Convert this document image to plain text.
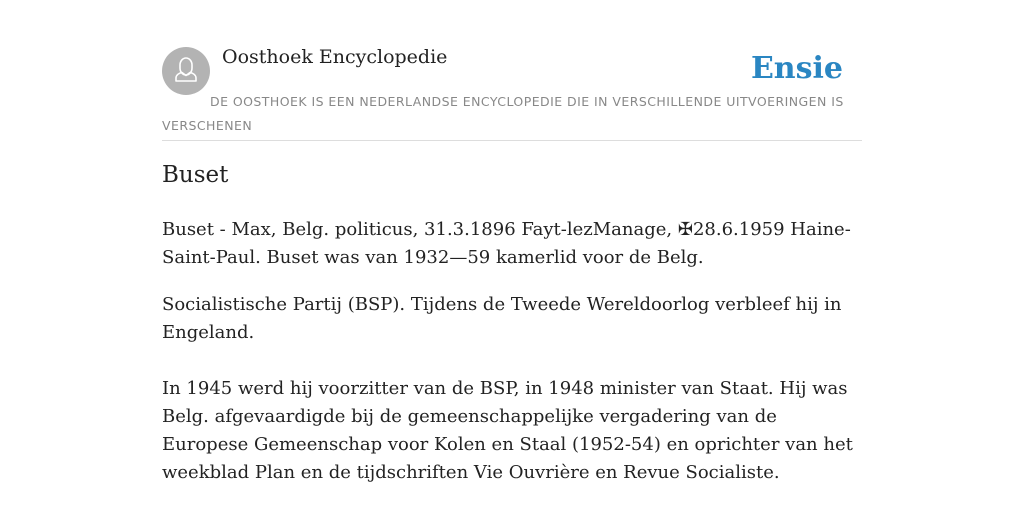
Oosthoek Encyclopedie	Ensie
DE OOSTHOEK IS EEN NEDERLANDSE ENCYCLOPEDIE DIE IN VERSCHILLENDE UITVOERINGEN IS VERSCHENEN
Buset

Buset - Max, Belg. politicus, 31.3.1896 Fayt-lezManage, ✠28.6.1959 Haine-Saint-Paul. Buset was van 1932—59 kamerlid voor de Belg.

Socialistische Partij (BSP). Tijdens de Tweede Wereldoorlog verbleef hij in Engeland.

In 1945 werd hij voorzitter van de BSP, in 1948 minister van Staat. Hij was Belg. afgevaardigde bij de gemeenschappelijke vergadering van de Europese Gemeenschap voor Kolen en Staal (1952-54) en oprichter van het weekblad Plan en de tijdschriften Vie Ouvrière en Revue Socialiste.
